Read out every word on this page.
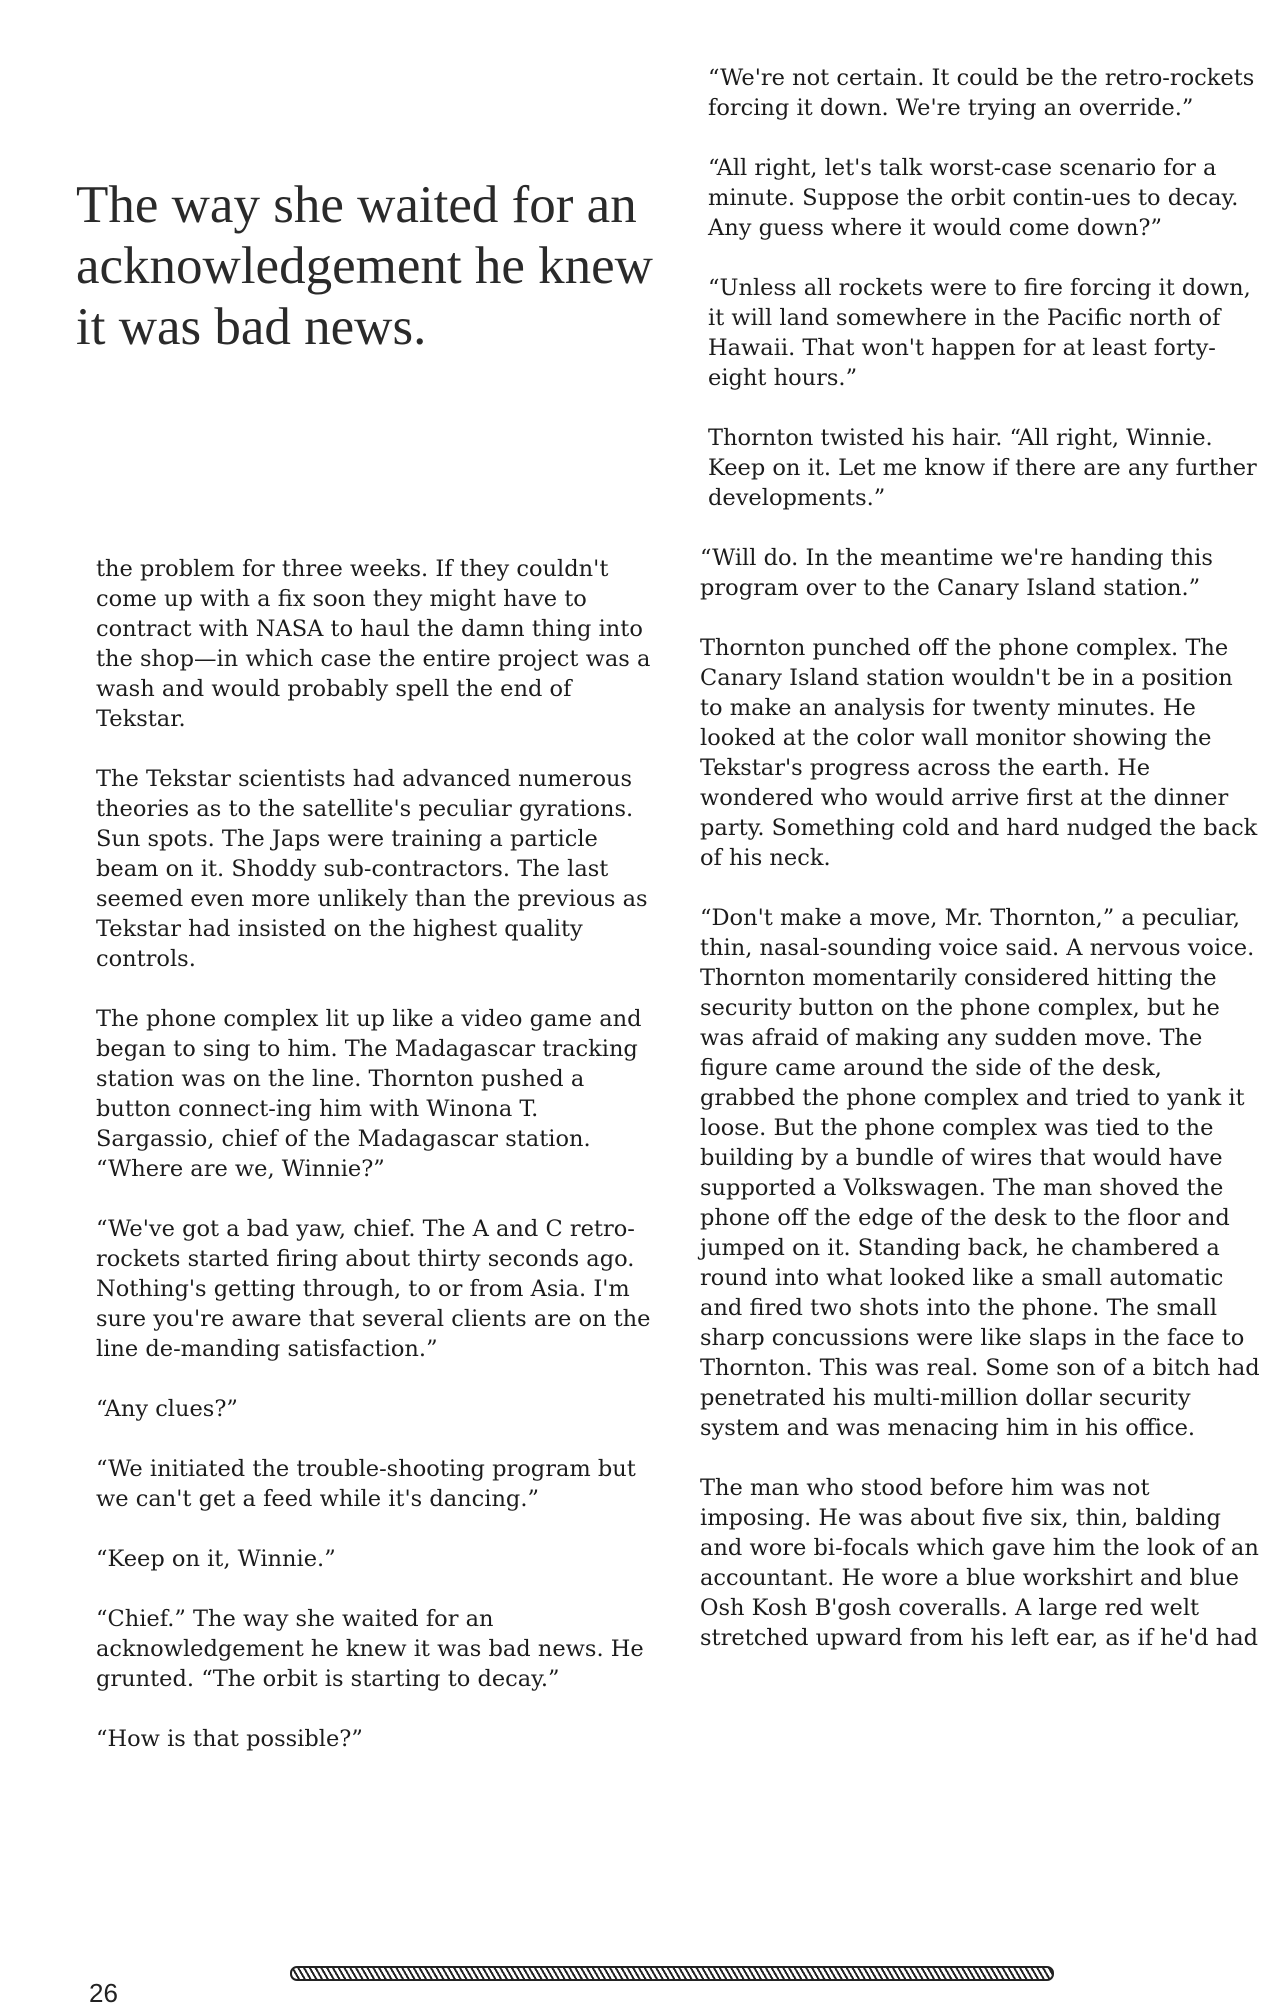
The way she waited for an acknowledgement he knew it was bad news.

the problem for three weeks. If they couldn't come up with a fix soon they might have to contract with NASA to haul the damn thing into the shop—in which case the entire project was a wash and would probably spell the end of Tekstar.

The Tekstar scientists had advanced numerous theories as to the satellite's peculiar gyrations. Sun spots. The Japs were training a particle beam on it. Shoddy sub-contractors. The last seemed even more unlikely than the previous as Tekstar had insisted on the highest quality controls.

The phone complex lit up like a video game and began to sing to him. The Madagascar tracking station was on the line. Thornton pushed a button connect-ing him with Winona T. Sargassio, chief of the Madagascar station. “Where are we, Winnie?”

“We've got a bad yaw, chief. The A and C retro-rockets started firing about thirty seconds ago. Nothing's getting through, to or from Asia. I'm sure you're aware that several clients are on the line de-manding satisfaction.”

“Any clues?”

“We initiated the trouble-shooting program but we can't get a feed while it's dancing.”

“Keep on it, Winnie.”

“Chief.” The way she waited for an acknowledgement he knew it was bad news. He grunted. “The orbit is starting to decay.”

“How is that possible?”

“We're not certain. It could be the retro-rockets forcing it down. We're trying an override.”

“All right, let's talk worst-case scenario for a minute. Suppose the orbit contin-ues to decay. Any guess where it would come down?”

“Unless all rockets were to fire forcing it down, it will land somewhere in the Pacific north of Hawaii. That won't happen for at least forty-eight hours.”

Thornton twisted his hair. “All right, Winnie. Keep on it. Let me know if there are any further developments.”

“Will do. In the meantime we're handing this program over to the Canary Island station.”

Thornton punched off the phone complex. The Canary Island station wouldn't be in a position to make an analysis for twenty minutes. He looked at the color wall monitor showing the Tekstar's progress across the earth. He wondered who would arrive first at the dinner party. Something cold and hard nudged the back of his neck.

“Don't make a move, Mr. Thornton,” a peculiar, thin, nasal-sounding voice said. A nervous voice. Thornton momentarily considered hitting the security button on the phone complex, but he was afraid of making any sudden move. The figure came around the side of the desk, grabbed the phone complex and tried to yank it loose. But the phone complex was tied to the building by a bundle of wires that would have supported a Volkswagen. The man shoved the phone off the edge of the desk to the floor and jumped on it. Standing back, he chambered a round into what looked like a small automatic and fired two shots into the phone. The small sharp concussions were like slaps in the face to Thornton. This was real. Some son of a bitch had penetrated his multi-million dollar security system and was menacing him in his office.

The man who stood before him was not imposing. He was about five six, thin, balding and wore bi-focals which gave him the look of an accountant. He wore a blue workshirt and blue Osh Kosh B'gosh coveralls. A large red welt stretched upward from his left ear, as if he'd had

26
